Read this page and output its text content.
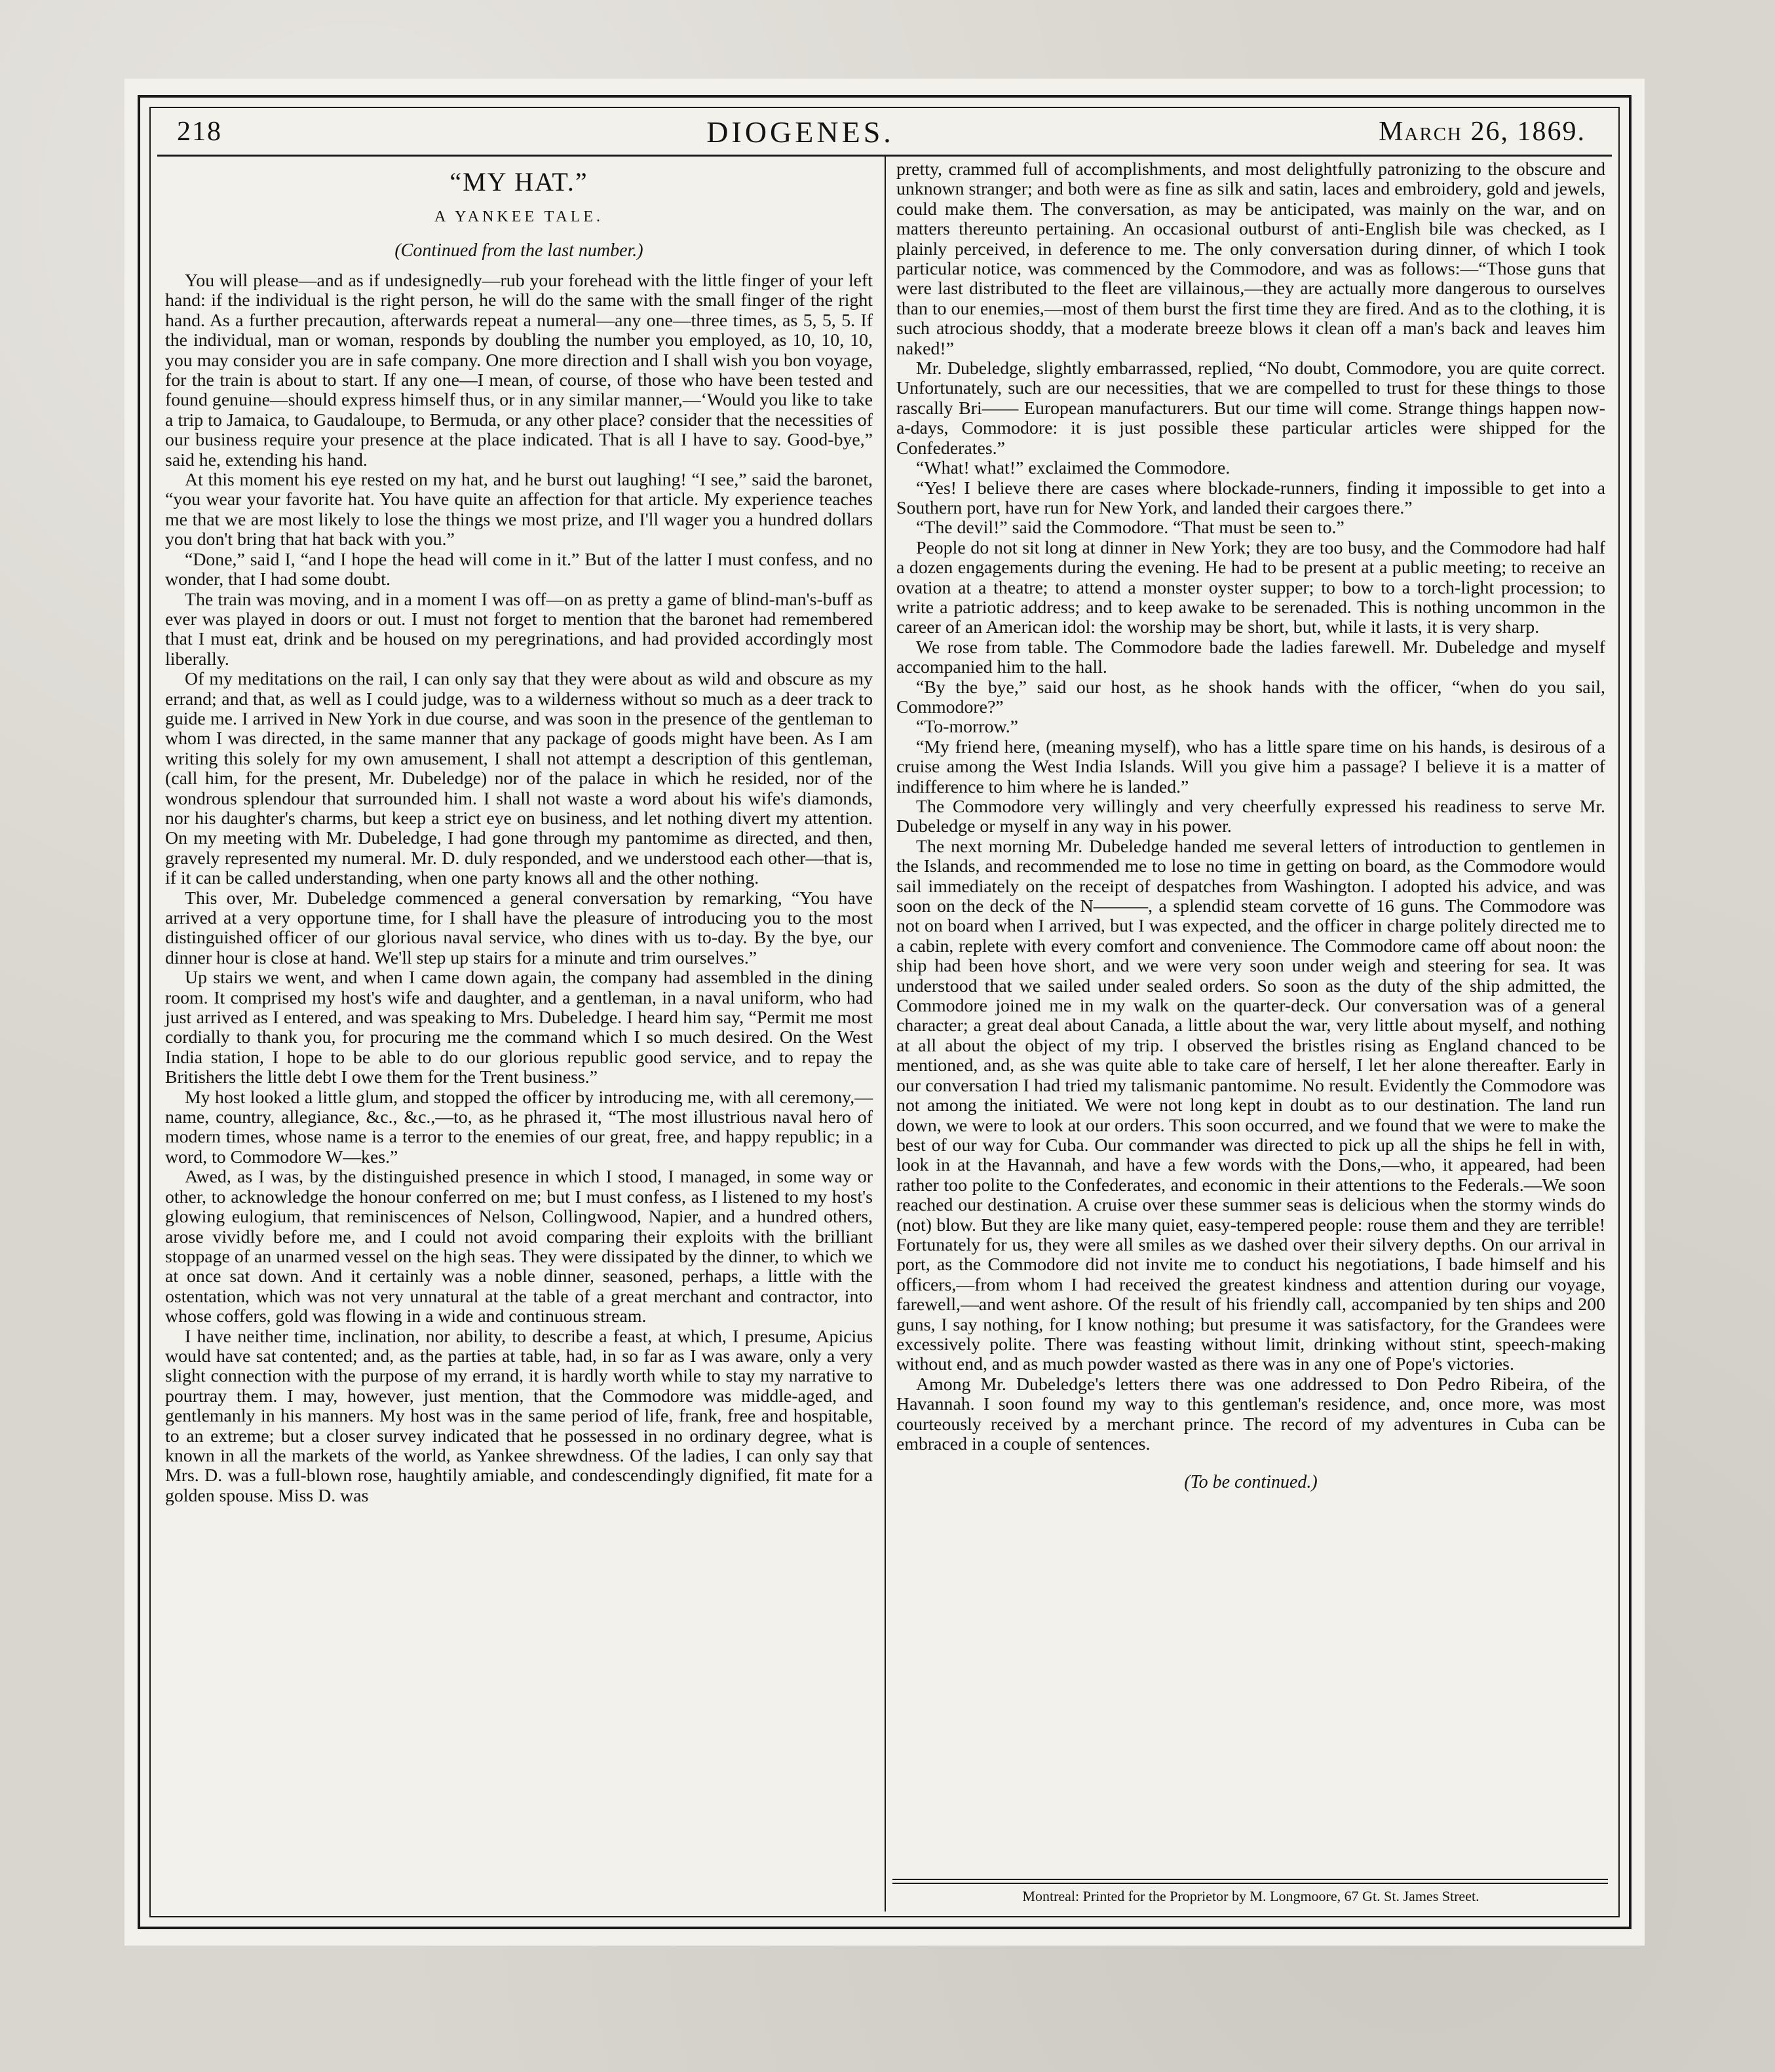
218	DIOGENES.	March 26, 1869.
“MY HAT.”
A YANKEE TALE.
(Continued from the last number.)

You will please—and as if undesignedly—rub your forehead with the little finger of your left hand: if the individual is the right person, he will do the same with the small finger of the right hand. As a further precaution, afterwards repeat a numeral—any one—three times, as 5, 5, 5. If the individual, man or woman, responds by doubling the number you employed, as 10, 10, 10, you may consider you are in safe company. One more direction and I shall wish you bon voyage, for the train is about to start. If any one—I mean, of course, of those who have been tested and found genuine—should express himself thus, or in any similar manner,—‘Would you like to take a trip to Jamaica, to Gaudaloupe, to Bermuda, or any other place? consider that the necessities of our business require your presence at the place indicated. That is all I have to say. Good-bye,” said he, extending his hand.

At this moment his eye rested on my hat, and he burst out laughing! “I see,” said the baronet, “you wear your favorite hat. You have quite an affection for that article. My experience teaches me that we are most likely to lose the things we most prize, and I'll wager you a hundred dollars you don't bring that hat back with you.”

“Done,” said I, “and I hope the head will come in it.” But of the latter I must confess, and no wonder, that I had some doubt.

The train was moving, and in a moment I was off—on as pretty a game of blind-man's-buff as ever was played in doors or out. I must not forget to mention that the baronet had remembered that I must eat, drink and be housed on my peregrinations, and had provided accordingly most liberally.

Of my meditations on the rail, I can only say that they were about as wild and obscure as my errand; and that, as well as I could judge, was to a wilderness without so much as a deer track to guide me. I arrived in New York in due course, and was soon in the presence of the gentleman to whom I was directed, in the same manner that any package of goods might have been. As I am writing this solely for my own amusement, I shall not attempt a description of this gentleman, (call him, for the present, Mr. Dubeledge) nor of the palace in which he resided, nor of the wondrous splendour that surrounded him. I shall not waste a word about his wife's diamonds, nor his daughter's charms, but keep a strict eye on business, and let nothing divert my attention. On my meeting with Mr. Dubeledge, I had gone through my pantomime as directed, and then, gravely represented my numeral. Mr. D. duly responded, and we understood each other—that is, if it can be called understanding, when one party knows all and the other nothing.

This over, Mr. Dubeledge commenced a general conversation by remarking, “You have arrived at a very opportune time, for I shall have the pleasure of introducing you to the most distinguished officer of our glorious naval service, who dines with us to-day. By the bye, our dinner hour is close at hand. We'll step up stairs for a minute and trim ourselves.”

Up stairs we went, and when I came down again, the company had assembled in the dining room. It comprised my host's wife and daughter, and a gentleman, in a naval uniform, who had just arrived as I entered, and was speaking to Mrs. Dubeledge. I heard him say, “Permit me most cordially to thank you, for procuring me the command which I so much desired. On the West India station, I hope to be able to do our glorious republic good service, and to repay the Britishers the little debt I owe them for the Trent business.”

My host looked a little glum, and stopped the officer by introducing me, with all ceremony,—name, country, allegiance, &c., &c.,—to, as he phrased it, “The most illustrious naval hero of modern times, whose name is a terror to the enemies of our great, free, and happy republic; in a word, to Commodore W—kes.”

Awed, as I was, by the distinguished presence in which I stood, I managed, in some way or other, to acknowledge the honour conferred on me; but I must confess, as I listened to my host's glowing eulogium, that reminiscences of Nelson, Collingwood, Napier, and a hundred others, arose vividly before me, and I could not avoid comparing their exploits with the brilliant stoppage of an unarmed vessel on the high seas. They were dissipated by the dinner, to which we at once sat down. And it certainly was a noble dinner, seasoned, perhaps, a little with the ostentation, which was not very unnatural at the table of a great merchant and contractor, into whose coffers, gold was flowing in a wide and continuous stream.

I have neither time, inclination, nor ability, to describe a feast, at which, I presume, Apicius would have sat contented; and, as the parties at table, had, in so far as I was aware, only a very slight connection with the purpose of my errand, it is hardly worth while to stay my narrative to pourtray them. I may, however, just mention, that the Commodore was middle-aged, and gentlemanly in his manners. My host was in the same period of life, frank, free and hospitable, to an extreme; but a closer survey indicated that he possessed in no ordinary degree, what is known in all the markets of the world, as Yankee shrewdness. Of the ladies, I can only say that Mrs. D. was a full-blown rose, haughtily amiable, and condescendingly dignified, fit mate for a golden spouse. Miss D. was

pretty, crammed full of accomplishments, and most delightfully patronizing to the obscure and unknown stranger; and both were as fine as silk and satin, laces and embroidery, gold and jewels, could make them. The conversation, as may be anticipated, was mainly on the war, and on matters thereunto pertaining. An occasional outburst of anti-English bile was checked, as I plainly perceived, in deference to me. The only conversation during dinner, of which I took particular notice, was commenced by the Commodore, and was as follows:—“Those guns that were last distributed to the fleet are villainous,—they are actually more dangerous to ourselves than to our enemies,—most of them burst the first time they are fired. And as to the clothing, it is such atrocious shoddy, that a moderate breeze blows it clean off a man's back and leaves him naked!”

Mr. Dubeledge, slightly embarrassed, replied, “No doubt, Commodore, you are quite correct. Unfortunately, such are our necessities, that we are compelled to trust for these things to those rascally Bri—— European manufacturers. But our time will come. Strange things happen now-a-days, Commodore: it is just possible these particular articles were shipped for the Confederates.”

“What! what!” exclaimed the Commodore.

“Yes! I believe there are cases where blockade-runners, finding it impossible to get into a Southern port, have run for New York, and landed their cargoes there.”

“The devil!” said the Commodore. “That must be seen to.”

People do not sit long at dinner in New York; they are too busy, and the Commodore had half a dozen engagements during the evening. He had to be present at a public meeting; to receive an ovation at a theatre; to attend a monster oyster supper; to bow to a torch-light procession; to write a patriotic address; and to keep awake to be serenaded. This is nothing uncommon in the career of an American idol: the worship may be short, but, while it lasts, it is very sharp.

We rose from table. The Commodore bade the ladies farewell. Mr. Dubeledge and myself accompanied him to the hall.

“By the bye,” said our host, as he shook hands with the officer, “when do you sail, Commodore?”

“To-morrow.”

“My friend here, (meaning myself), who has a little spare time on his hands, is desirous of a cruise among the West India Islands. Will you give him a passage? I believe it is a matter of indifference to him where he is landed.”

The Commodore very willingly and very cheerfully expressed his readiness to serve Mr. Dubeledge or myself in any way in his power.

The next morning Mr. Dubeledge handed me several letters of introduction to gentlemen in the Islands, and recommended me to lose no time in getting on board, as the Commodore would sail immediately on the receipt of despatches from Washington. I adopted his advice, and was soon on the deck of the N———, a splendid steam corvette of 16 guns. The Commodore was not on board when I arrived, but I was expected, and the officer in charge politely directed me to a cabin, replete with every comfort and convenience. The Commodore came off about noon: the ship had been hove short, and we were very soon under weigh and steering for sea. It was understood that we sailed under sealed orders. So soon as the duty of the ship admitted, the Commodore joined me in my walk on the quarter-deck. Our conversation was of a general character; a great deal about Canada, a little about the war, very little about myself, and nothing at all about the object of my trip. I observed the bristles rising as England chanced to be mentioned, and, as she was quite able to take care of herself, I let her alone thereafter. Early in our conversation I had tried my talismanic pantomime. No result. Evidently the Commodore was not among the initiated. We were not long kept in doubt as to our destination. The land run down, we were to look at our orders. This soon occurred, and we found that we were to make the best of our way for Cuba. Our commander was directed to pick up all the ships he fell in with, look in at the Havannah, and have a few words with the Dons,—who, it appeared, had been rather too polite to the Confederates, and economic in their attentions to the Federals.—We soon reached our destination. A cruise over these summer seas is delicious when the stormy winds do (not) blow. But they are like many quiet, easy-tempered people: rouse them and they are terrible! Fortunately for us, they were all smiles as we dashed over their silvery depths. On our arrival in port, as the Commodore did not invite me to conduct his negotiations, I bade himself and his officers,—from whom I had received the greatest kindness and attention during our voyage, farewell,—and went ashore. Of the result of his friendly call, accompanied by ten ships and 200 guns, I say nothing, for I know nothing; but presume it was satisfactory, for the Grandees were excessively polite. There was feasting without limit, drinking without stint, speech-making without end, and as much powder wasted as there was in any one of Pope's victories.

Among Mr. Dubeledge's letters there was one addressed to Don Pedro Ribeira, of the Havannah. I soon found my way to this gentleman's residence, and, once more, was most courteously received by a merchant prince. The record of my adventures in Cuba can be embraced in a couple of sentences.

(To be continued.)
Montreal: Printed for the Proprietor by M. Longmoore, 67 Gt. St. James Street.
